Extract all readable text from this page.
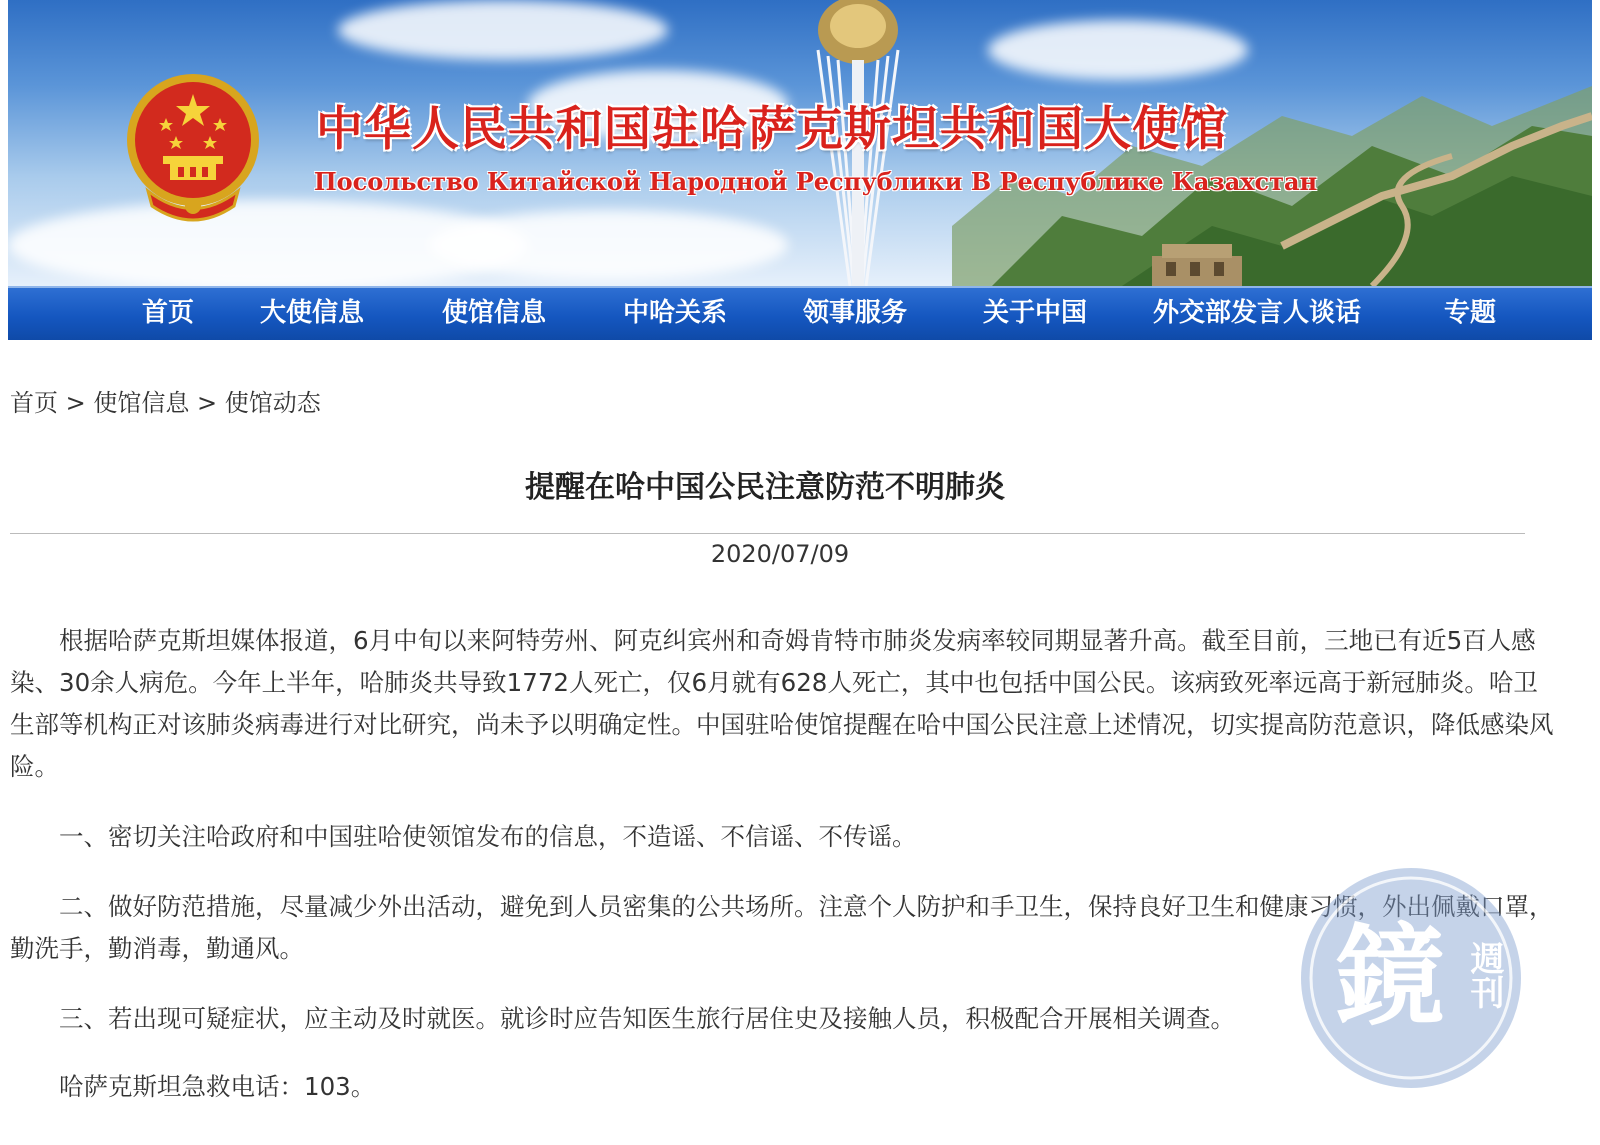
中华人民共和国驻哈萨克斯坦共和国大使馆
Посольство Китайской Народной Республики В Республике Казахстан
首页	大使信息	使馆信息	中哈关系	领事服务	关于中国	外交部发言人谈话	专题
首页 > 使馆信息 > 使馆动态
提醒在哈中国公民注意防范不明肺炎
2020/07/09

根据哈萨克斯坦媒体报道，6月中旬以来阿特劳州、阿克纠宾州和奇姆肯特市肺炎发病率较同期显著升高。截至目前，三地已有近5百人感染、30余人病危。今年上半年，哈肺炎共导致1772人死亡，仅6月就有628人死亡，其中也包括中国公民。该病致死率远高于新冠肺炎。哈卫生部等机构正对该肺炎病毒进行对比研究，尚未予以明确定性。中国驻哈使馆提醒在哈中国公民注意上述情况，切实提高防范意识，降低感染风险。

一、密切关注哈政府和中国驻哈使领馆发布的信息，不造谣、不信谣、不传谣。

二、做好防范措施，尽量减少外出活动，避免到人员密集的公共场所。注意个人防护和手卫生，保持良好卫生和健康习惯，外出佩戴口罩，勤洗手，勤消毒，勤通风。

三、若出现可疑症状，应主动及时就医。就诊时应告知医生旅行居住史及接触人员，积极配合开展相关调查。

哈萨克斯坦急救电话：103。

鏡 週刊
